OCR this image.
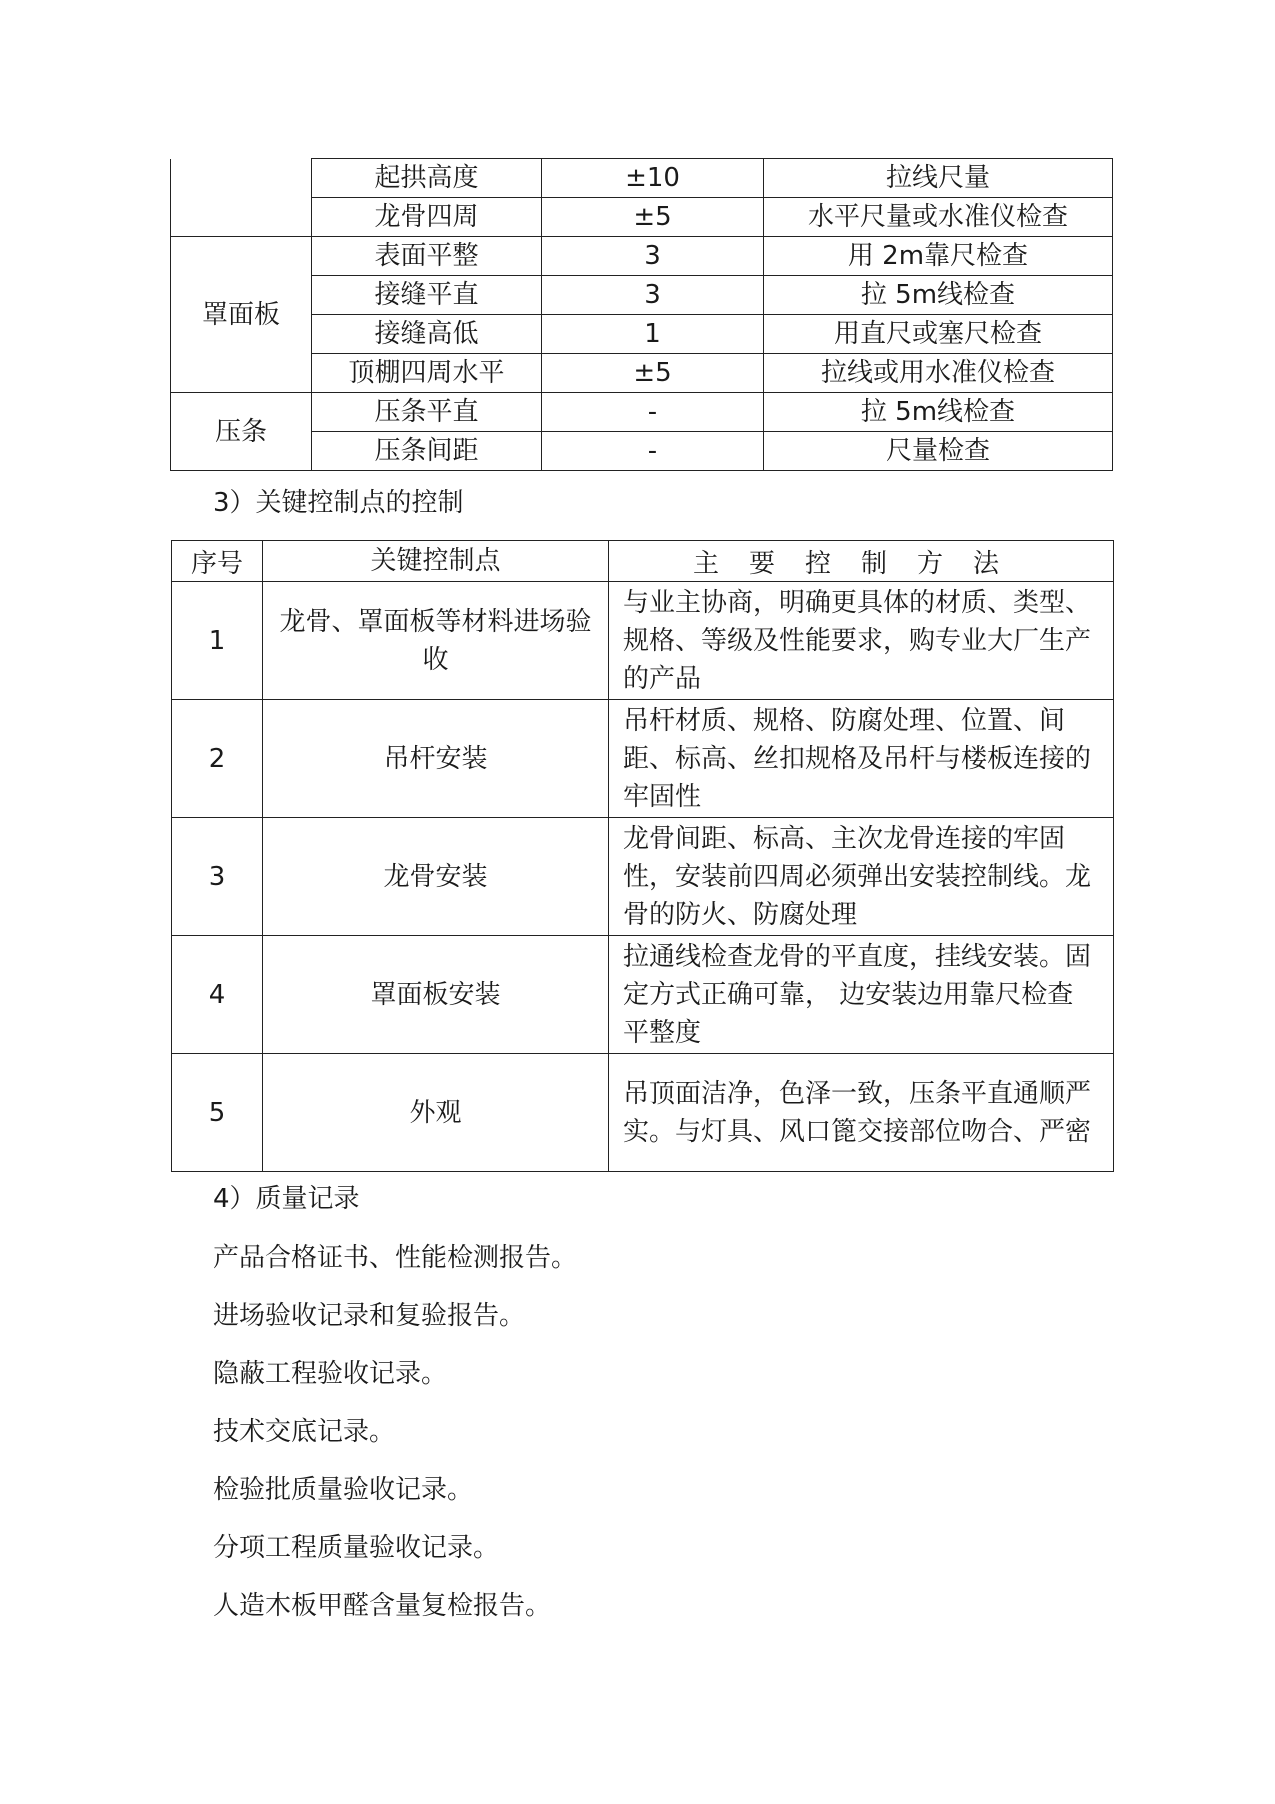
	起拱高度	±10	拉线尺量
	龙骨四周	±5	水平尺量或水准仪检查
罩面板	表面平整	3	用 2m靠尺检查
	接缝平直	3	拉 5m线检查
	接缝高低	1	用直尺或塞尺检查
	顶棚四周水平	±5	拉线或用水准仪检查
压条	压条平直	-	拉 5m线检查
	压条间距	-	尺量检查
3）关键控制点的控制
序号	关键控制点	主要控制方法
1	龙骨、罩面板等材料进场验收	与业主协商，明确更具体的材质、类型、规格、等级及性能要求，购专业大厂生产的产品
2	吊杆安装	吊杆材质、规格、防腐处理、位置、间距、标高、丝扣规格及吊杆与楼板连接的牢固性
3	龙骨安装	龙骨间距、标高、主次龙骨连接的牢固性，安装前四周必须弹出安装控制线。龙骨的防火、防腐处理
4	罩面板安装	拉通线检查龙骨的平直度，挂线安装。固定方式正确可靠， 边安装边用靠尺检查平整度
5	外观	吊顶面洁净，色泽一致，压条平直通顺严实。与灯具、风口篦交接部位吻合、严密
4）质量记录
产品合格证书、性能检测报告。
进场验收记录和复验报告。
隐蔽工程验收记录。
技术交底记录。
检验批质量验收记录。
分项工程质量验收记录。
人造木板甲醛含量复检报告。
